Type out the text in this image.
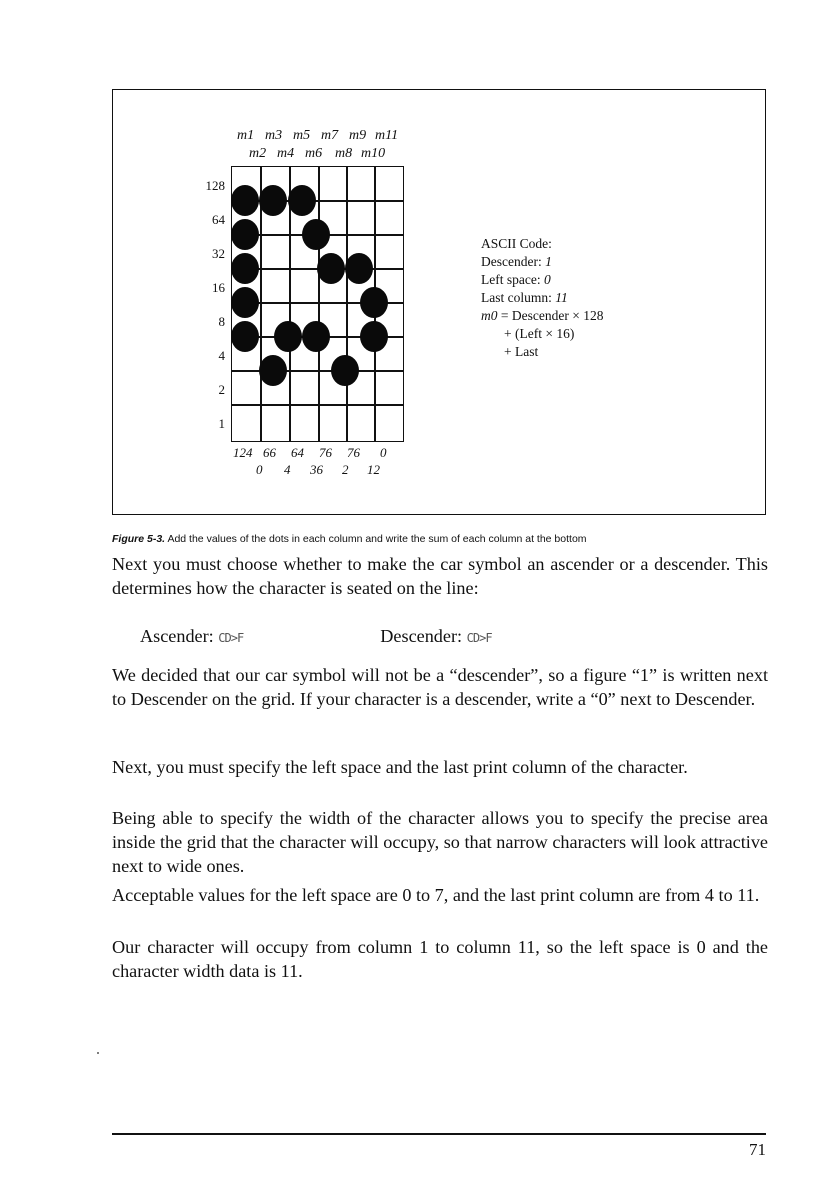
m1 m3 m5 m7 m9 m11
m2 m4 m6 m8 m10
128
64
32
16
8
4
2
1
124 66 64 76 76 0
0 4 36 2 12
ASCII Code:
Descender: 1
Left space: 0
Last column: 11
m0 = Descender × 128
+ (Left × 16)
+ Last
Figure 5-3. Add the values of the dots in each column and write the sum of each column at the bottom

Next you must choose whether to make the car symbol an ascender or a descender. This determines how the character is seated on the line:

Ascender: CD>F	Descender: CD>F

We decided that our car symbol will not be a “descender”, so a figure “1” is written next to Descender on the grid. If your character is a descender, write a “0” next to Descender.

Next, you must specify the left space and the last print column of the character.

Being able to specify the width of the character allows you to specify the precise area inside the grid that the character will occupy, so that narrow characters will look attractive next to wide ones.

Acceptable values for the left space are 0 to 7, and the last print column are from 4 to 11.

Our character will occupy from column 1 to column 11, so the left space is 0 and the character width data is 11.

71
